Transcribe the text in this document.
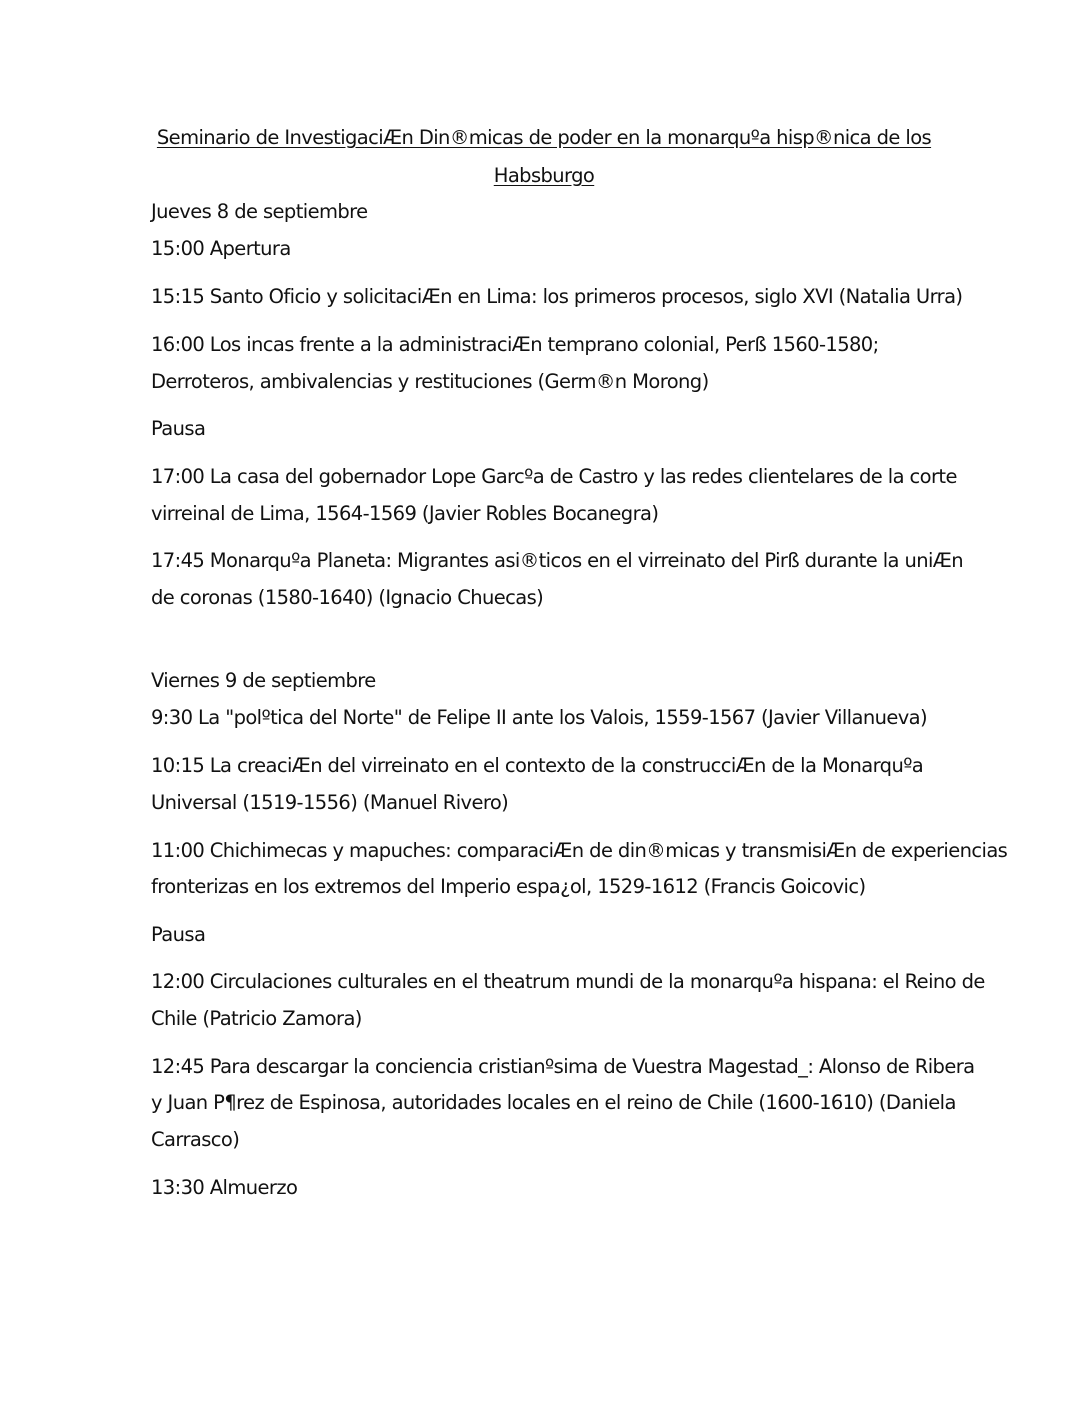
Seminario de InvestigaciÆn Din®micas de poder en la monarquºa hisp®nica de los
Habsburgo
Jueves 8 de septiembre
15:00 Apertura
15:15 Santo Oficio y solicitaciÆn en Lima: los primeros procesos, siglo XVI (Natalia Urra)
16:00 Los incas frente a la administraciÆn temprano colonial, Perß 1560-1580;
Derroteros, ambivalencias y restituciones (Germ®n Morong)
Pausa
17:00 La casa del gobernador Lope Garcºa de Castro y las redes clientelares de la corte
virreinal de Lima, 1564-1569 (Javier Robles Bocanegra)
17:45 Monarquºa Planeta: Migrantes asi®ticos en el virreinato del Pirß durante la uniÆn
de coronas (1580-1640) (Ignacio Chuecas)
Viernes 9 de septiembre
9:30 La "polºtica del Norte" de Felipe II ante los Valois, 1559-1567 (Javier Villanueva)
10:15 La creaciÆn del virreinato en el contexto de la construcciÆn de la Monarquºa
Universal (1519-1556) (Manuel Rivero)
11:00 Chichimecas y mapuches: comparaciÆn de din®micas y transmisiÆn de experiencias
fronterizas en los extremos del Imperio espa¿ol, 1529-1612 (Francis Goicovic)
Pausa
12:00 Circulaciones culturales en el theatrum mundi de la monarquºa hispana: el Reino de
Chile (Patricio Zamora)
12:45 Para descargar la conciencia cristianºsima de Vuestra Magestad_: Alonso de Ribera
y Juan P¶rez de Espinosa, autoridades locales en el reino de Chile (1600-1610) (Daniela
Carrasco)
13:30 Almuerzo
